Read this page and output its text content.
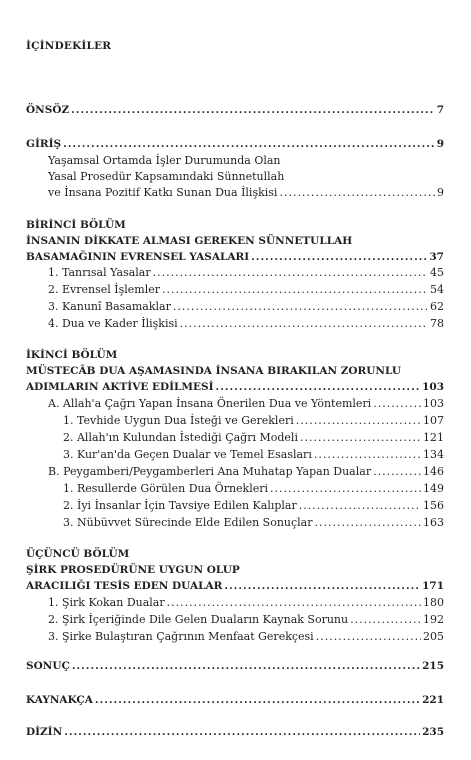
İÇİNDEKİLER
ÖNSÖZ .....	7
GİRİŞ .....	9
Yaşamsal Ortamda İşler Durumunda Olan
Yasal Prosedür Kapsamındaki Sünnetullah
ve İnsana Pozitif Katkı Sunan Dua İlişkisi .....	9
BİRİNCİ BÖLÜM
İNSANIN DİKKATE ALMASI GEREKEN SÜNNETULLAH
BASAMAĞININ EVRENSEL YASALARI .....	37
1. Tanrısal Yasalar .....	45
2. Evrensel İşlemler .....	54
3. Kanunî Basamaklar .....	62
4. Dua ve Kader İlişkisi .....	78
İKİNCİ BÖLÜM
MÜSTECÂB DUA AŞAMASINDA İNSANA BIRAKILAN ZORUNLU
ADIMLARIN AKTİVE EDİLMESİ .....	103
A. Allah'a Çağrı Yapan İnsana Önerilen Dua ve Yöntemleri .....	103
1. Tevhide Uygun Dua İsteği ve Gerekleri .....	107
2. Allah'ın Kulundan İstediği Çağrı Modeli .....	121
3. Kur'an'da Geçen Dualar ve Temel Esasları .....	134
B. Peygamberi/Peygamberleri Ana Muhatap Yapan Dualar .....	146
1. Resullerde Görülen Dua Örnekleri .....	149
2. İyi İnsanlar İçin Tavsiye Edilen Kalıplar .....	156
3. Nübüvvet Sürecinde Elde Edilen Sonuçlar .....	163
ÜÇÜNCÜ BÖLÜM
ŞİRK PROSEDÜRÜNE UYGUN OLUP
ARACILIĞI TESİS EDEN DUALAR .....	171
1. Şirk Kokan Dualar .....	180
2. Şirk İçeriğinde Dile Gelen Duaların Kaynak Sorunu .....	192
3. Şirke Bulaştıran Çağrının Menfaat Gerekçesi .....	205
SONUÇ .....	215
KAYNAKÇA .....	221
DİZİN .....	235
